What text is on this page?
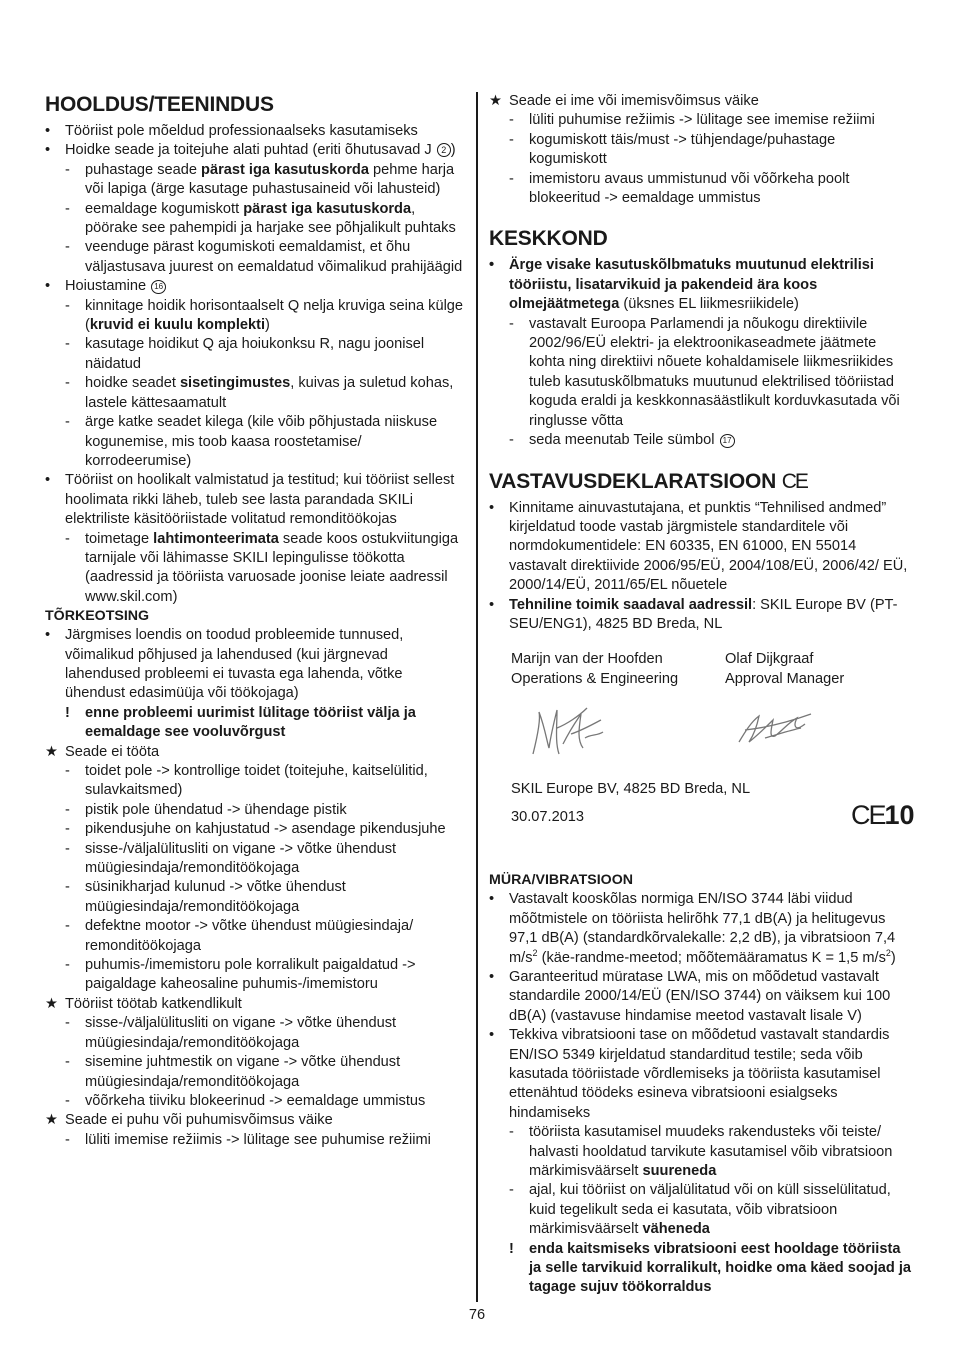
HOOLDUS/TEENINDUS
•	Tööriist pole mõeldud professionaalseks kasutamiseks
•	Hoidke seade ja toitejuhe alati puhtad (eriti õhutusavad J 2 )
-	puhastage seade pärast iga kasutuskorda pehme harja või lapiga (ärge kasutage puhastusaineid või lahusteid)
-	eemaldage kogumiskott pärast iga kasutuskorda, pöörake see pahempidi ja harjake see põhjalikult puhtaks
-	veenduge pärast kogumiskoti eemaldamist, et õhu väljastusava juurest on eemaldatud võimalikud prahijäägid
•	Hoiustamine 16
-	kinnitage hoidik horisontaalselt Q nelja kruviga seina külge (kruvid ei kuulu komplekti)
-	kasutage hoidikut Q aja hoiukonksu R, nagu joonisel näidatud
-	hoidke seadet sisetingimustes, kuivas ja suletud kohas, lastele kättesaamatult
-	ärge katke seadet kilega (kile võib põhjustada niiskuse kogunemise, mis toob kaasa roostetamise/ korrodeerumise)
•	Tööriist on hoolikalt valmistatud ja testitud; kui tööriist sellest hoolimata rikki läheb, tuleb see lasta parandada SKILi elektriliste käsitööriistade volitatud remonditöökojas
-	toimetage lahtimonteerimata seade koos ostukviitungiga tarnijale või lähimasse SKILI lepingulisse töökotta (aadressid ja tööriista varuosade joonise leiate aadressil www.skil.com)
TÕRKEOTSING
•	Järgmises loendis on toodud probleemide tunnused, võimalikud põhjused ja lahendused (kui järgnevad lahendused probleemi ei tuvasta ega lahenda, võtke ühendust edasimüüja või töökojaga)
!	enne probleemi uurimist lülitage tööriist välja ja eemaldage see vooluvõrgust
★ Seade ei tööta
-	toidet pole -> kontrollige toidet (toitejuhe, kaitselülitid, sulavkaitsmed)
-	pistik pole ühendatud -> ühendage pistik
-	pikendusjuhe on kahjustatud -> asendage pikendusjuhe
-	sisse-/väljalülitusliti on vigane -> võtke ühendust müügiesindaja/remonditöökojaga
-	süsinikharjad kulunud -> võtke ühendust müügiesindaja/remonditöökojaga
-	defektne mootor -> võtke ühendust müügiesindaja/ remonditöökojaga
-	puhumis-/imemistoru pole korralikult paigaldatud -> paigaldage kaheosaline puhumis-/imemistoru
★ Tööriist töötab katkendlikult
-	sisse-/väljalülitusliti on vigane -> võtke ühendust müügiesindaja/remonditöökojaga
-	sisemine juhtmestik on vigane -> võtke ühendust müügiesindaja/remonditöökojaga
-	võõrkeha tiiviku blokeerinud -> eemaldage ummistus
★ Seade ei puhu või puhumisvõimsus väike
-	lüliti imemise režiimis -> lülitage see puhumise režiimi
★ Seade ei ime või imemisvõimsus väike
-	lüliti puhumise režiimis -> lülitage see imemise režiimi
-	kogumiskott täis/must -> tühjendage/puhastage kogumiskott
-	imemistoru avaus ummistunud või võõrkeha poolt blokeeritud -> eemaldage ummistus
KESKKOND
•	Ärge visake kasutuskõlbmatuks muutunud elektrilisi tööriistu, lisatarvikuid ja pakendeid ära koos olmejäätmetega (üksnes EL liikmesriikidele)
-	vastavalt Euroopa Parlamendi ja nõukogu direktiivile 2002/96/EÜ elektri- ja elektroonikaseadmete jäätmete kohta ning direktiivi nõuete kohaldamisele liikmesriikides tuleb kasutuskõlbmatuks muutunud elektrilised tööriistad koguda eraldi ja keskkonnasäästlikult korduvkasutada või ringlusse võtta
-	seda meenutab Teile sümbol 17
VASTAVUSDEKLARATSIOON CE
•	Kinnitame ainuvastutajana, et punktis “Tehnilised andmed” kirjeldatud toode vastab järgmistele standarditele või normdokumentidele: EN 60335, EN 61000, EN 55014 vastavalt direktiivide 2006/95/EÜ, 2004/108/EÜ, 2006/42/ EÜ, 2000/14/EÜ, 2011/65/EL nõuetele
•	Tehniline toimik saadaval aadressil: SKIL Europe BV (PT-SEU/ENG1), 4825 BD Breda, NL
Marijn van der Hoofden
Operations & Engineering
Olaf Dijkgraaf
Approval Manager
SKIL Europe BV, 4825 BD Breda, NL
30.07.2013	CE10
MÜRA/VIBRATSIOON
•	Vastavalt kooskõlas normiga EN/ISO 3744 läbi viidud mõõtmistele on tööriista helirõhk 77,1 dB(A) ja helitugevus 97,1 dB(A) (standardkõrvalekalle: 2,2 dB), ja vibratsioon 7,4 $m/s^2$ (käe-randme-meetod; mõõtemääramatus K = 1,5 $m/s^2$)
•	Garanteeritud müratase LWA, mis on mõõdetud vastavalt standardile 2000/14/EÜ (EN/ISO 3744) on väiksem kui 100 dB(A) (vastavuse hindamise meetod vastavalt lisale V)
•	Tekkiva vibratsiooni tase on mõõdetud vastavalt standardis EN/ISO 5349 kirjeldatud standarditud testile; seda võib kasutada tööriistade võrdlemiseks ja tööriista kasutamisel ettenähtud töödeks esineva vibratsiooni esialgseks hindamiseks
-	tööriista kasutamisel muudeks rakendusteks või teiste/ halvasti hooldatud tarvikute kasutamisel võib vibratsioon märkimisväärselt suureneda
-	ajal, kui tööriist on väljalülitatud või on küll sisselülitatud, kuid tegelikult seda ei kasutata, võib vibratsioon märkimisväärselt väheneda
!	enda kaitsmiseks vibratsiooni eest hooldage tööriista ja selle tarvikuid korralikult, hoidke oma käed soojad ja tagage sujuv töökorraldus
76
